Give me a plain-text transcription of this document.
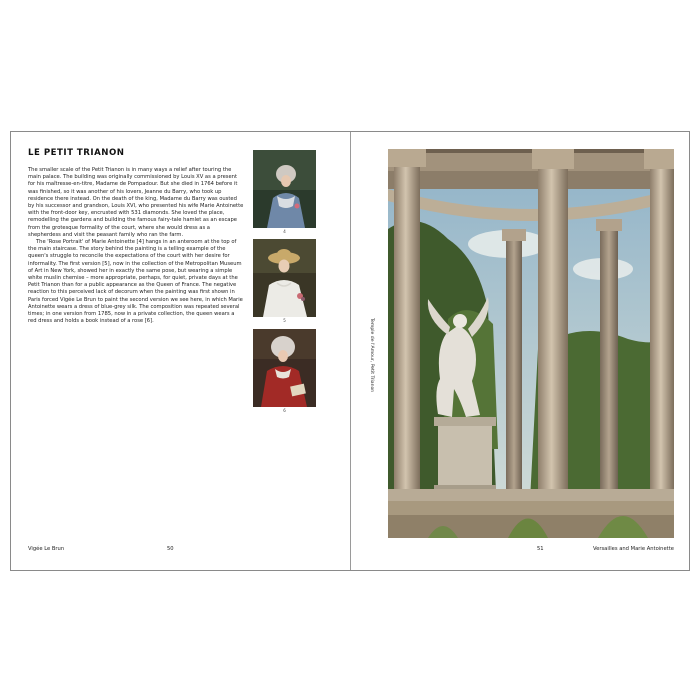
LE PETIT TRIANON

The smaller scale of the Petit Trianon is in many ways a relief after touring the main palace. The building was originally commissioned by Louis XV as a present for his maîtresse-en-titre, Madame de Pompadour. But she died in 1764 before it was finished, so it was another of his lovers, Jeanne du Barry, who took up residence there instead. On the death of the king, Madame du Barry was ousted by his successor and grandson, Louis XVI, who presented his wife Marie Antoinette with the front-door key, encrusted with 531 diamonds. She loved the place, remodelling the gardens and building the famous fairy-tale hamlet as an escape from the grotesque formality of the court, where she would dress as a shepherdess and visit the peasant family who ran the farm.

The 'Rose Portrait' of Marie Antoinette [4] hangs in an anteroom at the top of the main staircase. The story behind the painting is a telling example of the queen's struggle to reconcile the expectations of the court with her desire for informality. The first version [5], now in the collection of the Metropolitan Museum of Art in New York, showed her in exactly the same pose, but wearing a simple white muslin chemise – more appropriate, perhaps, for quiet, private days at the Petit Trianon than for a public appearance as the Queen of France. The negative reaction to this perceived lack of decorum when the painting was first shown in Paris forced Vigée Le Brun to paint the second version we see here, in which Marie Antoinette wears a dress of blue-grey silk. The composition was repeated several times; in one version from 1785, now in a private collection, the queen wears a red dress and holds a book instead of a rose [6].

4
5
6
Vigée Le Brun	50
Temple de l'Amour, Petit Trianon
51	Versailles and Marie Antoinette
